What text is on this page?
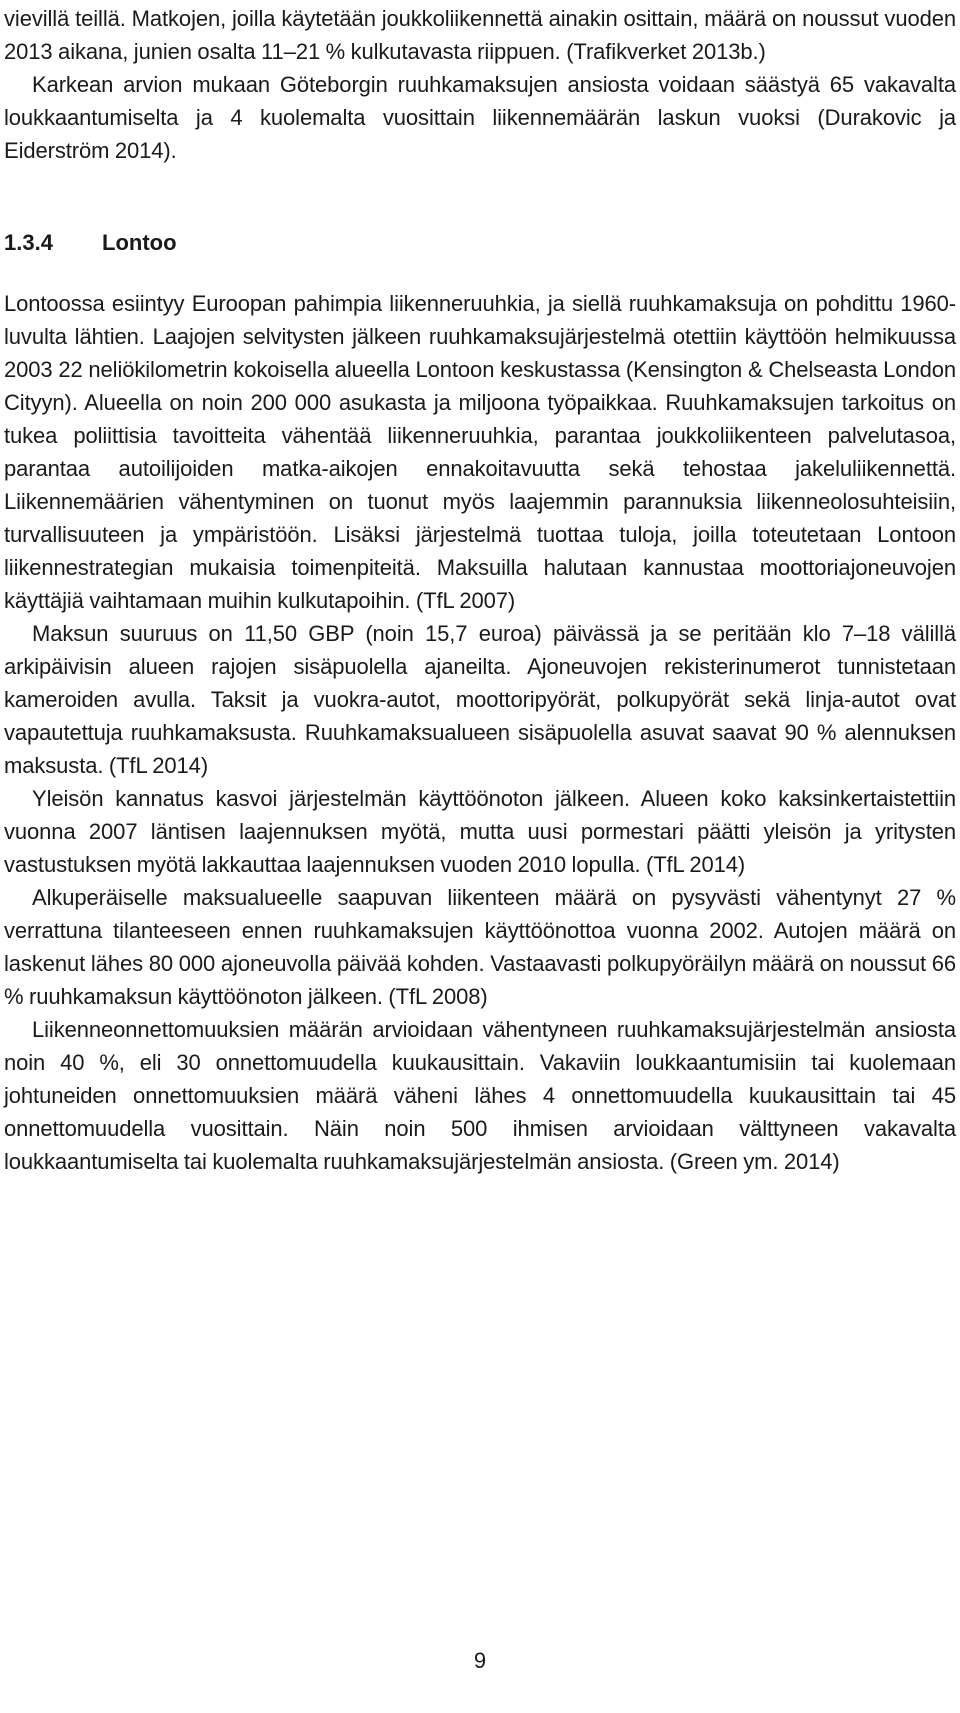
vievillä teillä. Matkojen, joilla käytetään joukkoliikennettä ainakin osittain, määrä on noussut vuoden 2013 aikana, junien osalta 11–21 % kulkutavasta riippuen. (Trafikverket 2013b.)

Karkean arvion mukaan Göteborgin ruuhkamaksujen ansiosta voidaan säästyä 65 vakavalta loukkaantumiselta ja 4 kuolemalta vuosittain liikennemäärän laskun vuoksi (Durakovic ja Eiderström 2014).

1.3.4	Lontoo

Lontoossa esiintyy Euroopan pahimpia liikenneruuhkia, ja siellä ruuhkamaksuja on pohdittu 1960-luvulta lähtien. Laajojen selvitysten jälkeen ruuhkamaksujärjestelmä otettiin käyttöön helmikuussa 2003 22 neliökilometrin kokoisella alueella Lontoon keskustassa (Kensington & Chelseasta London Cityyn). Alueella on noin 200 000 asukasta ja miljoona työpaikkaa. Ruuhkamaksujen tarkoitus on tukea poliittisia tavoitteita vähentää liikenneruuhkia, parantaa joukkoliikenteen palvelutasoa, parantaa autoilijoiden matka-aikojen ennakoitavuutta sekä tehostaa jakeluliikennettä. Liikennemäärien vähentyminen on tuonut myös laajemmin parannuksia liikenneolosuhteisiin, turvallisuuteen ja ympäristöön. Lisäksi järjestelmä tuottaa tuloja, joilla toteutetaan Lontoon liikennestrategian mukaisia toimenpiteitä. Maksuilla halutaan kannustaa moottoriajoneuvojen käyttäjiä vaihtamaan muihin kulkutapoihin. (TfL 2007)

Maksun suuruus on 11,50 GBP (noin 15,7 euroa) päivässä ja se peritään klo 7–18 välillä arkipäivisin alueen rajojen sisäpuolella ajaneilta. Ajoneuvojen rekisterinumerot tunnistetaan kameroiden avulla. Taksit ja vuokra-autot, moottoripyörät, polkupyörät sekä linja-autot ovat vapautettuja ruuhkamaksusta. Ruuhkamaksualueen sisäpuolella asuvat saavat 90 % alennuksen maksusta. (TfL 2014)

Yleisön kannatus kasvoi järjestelmän käyttöönoton jälkeen. Alueen koko kaksinkertaistettiin vuonna 2007 läntisen laajennuksen myötä, mutta uusi pormestari päätti yleisön ja yritysten vastustuksen myötä lakkauttaa laajennuksen vuoden 2010 lopulla. (TfL 2014)

Alkuperäiselle maksualueelle saapuvan liikenteen määrä on pysyvästi vähentynyt 27 % verrattuna tilanteeseen ennen ruuhkamaksujen käyttöönottoa vuonna 2002. Autojen määrä on laskenut lähes 80 000 ajoneuvolla päivää kohden. Vastaavasti polkupyöräilyn määrä on noussut 66 % ruuhkamaksun käyttöönoton jälkeen. (TfL 2008)

Liikenneonnettomuuksien määrän arvioidaan vähentyneen ruuhkamaksujärjestelmän ansiosta noin 40 %, eli 30 onnettomuudella kuukausittain. Vakaviin loukkaantumisiin tai kuolemaan johtuneiden onnettomuuksien määrä väheni lähes 4 onnettomuudella kuukausittain tai 45 onnettomuudella vuosittain. Näin noin 500 ihmisen arvioidaan välttyneen vakavalta loukkaantumiselta tai kuolemalta ruuhkamaksujärjestelmän ansiosta. (Green ym. 2014)

9
